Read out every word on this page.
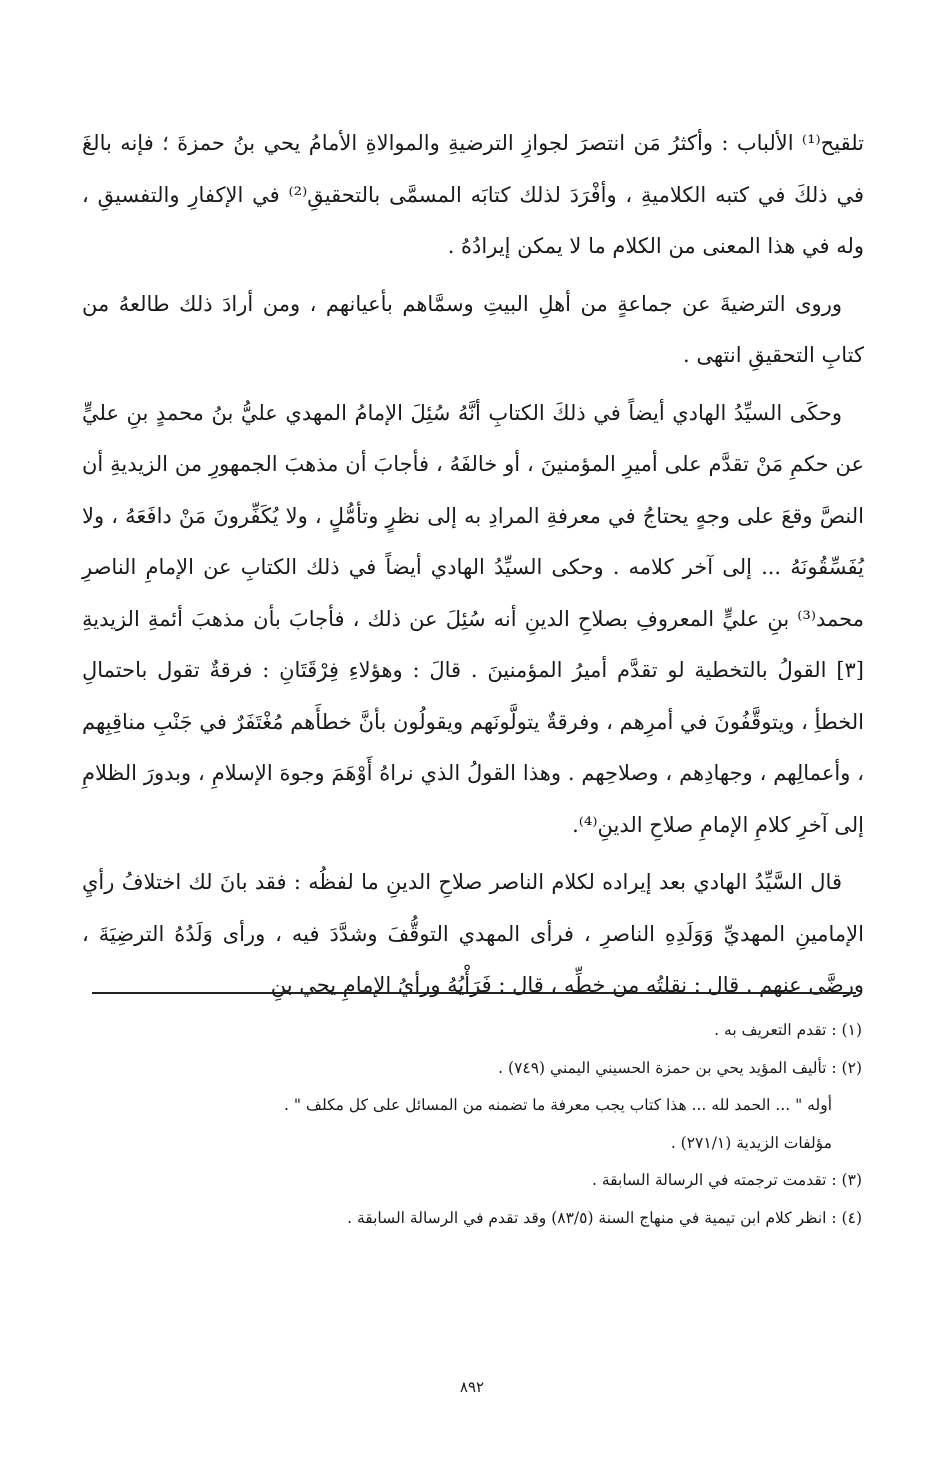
تلقيح⁽¹⁾ الألباب : وأكثرُ مَن انتصرَ لجوازِ الترضيةِ والموالاةِ الأمامُ يحي بنُ حمزةَ ؛ فإنه بالغَ في ذلكَ في كتبه الكلاميةِ ، وأفْرَدَ لذلك كتابَه المسمَّى بالتحقيقِ⁽²⁾ في الإكفارِ والتفسيقِ ، وله في هذا المعنى من الكلام ما لا يمكن إيرادُهُ .

وروى الترضيةَ عن جماعةٍ من أهلِ البيتِ وسمَّاهم بأعيانهم ، ومن أرادَ ذلك طالعهُ من كتابِ التحقيقِ انتهى .

وحكَى السيِّدُ الهادي أيضاً في ذلكَ الكتابِ أنَّهُ سُئِلَ الإمامُ المهدي عليُّ بنُ محمدٍ بنِ عليٍّ عن حكمِ مَنْ تقدَّم على أميرِ المؤمنينَ ، أو خالفَهُ ، فأجابَ أن مذهبَ الجمهورِ من الزيديةِ أن النصَّ وقعَ على وجهٍ يحتاجُ في معرفةِ المرادِ به إلى نظرٍ وتأمُّلٍ ، ولا يُكَفِّرونَ مَنْ دافَعَهُ ، ولا يُفَسِّقُونَهُ ... إلى آخر كلامه . وحكى السيِّدُ الهادي أيضاً في ذلك الكتابِ عن الإمامِ الناصرِ محمد⁽³⁾ بنِ عليٍّ المعروفِ بصلاحِ الدينِ أنه سُئِلَ عن ذلك ، فأجابَ بأن مذهبَ أئمةِ الزيديةِ [٣] القولُ بالتخطية لو تقدَّم أميرُ المؤمنينَ . قالَ : وهؤلاءِ فِرْقَتَانِ : فرقةٌ تقول باحتمالِ الخطأِ ، ويتوقَّفُونَ في أمرِهم ، وفرقةٌ يتولَّونَهم ويقولُون بأنَّ خطأَهم مُغْتَفَرٌ في جَنْبِ مناقِبِهم ، وأعمالِهم ، وجهادِهم ، وصلاحِهم . وهذا القولُ الذي نراهُ أَوْهَمَ وجوهَ الإسلامِ ، وبدورَ الظلامِ إلى آخرِ كلامِ الإمامِ صلاحِ الدينِ⁽⁴⁾.

قال السَّيِّدُ الهادي بعد إيراده لكلام الناصر صلاحِ الدينِ ما لفظُه : فقد بانَ لك اختلافُ رأيِ الإمامينِ المهديِّ وَوَلَدِهِ الناصرِ ، فرأى المهدي التوقُّفَ وشدَّدَ فيه ، ورأى وَلَدُهُ الترضِيَةَ ، ورضَّى عنهم . قال : نقلتُه من خطِّه ، قال : فَرَأْيُهُ ورأيُ الإمامِ يحي بنِ

(١) : تقدم التعريف به .

(٢) : تأليف المؤيد يحي بن حمزة الحسيني اليمني (٧٤٩) .

أوله " ... الحمد لله ... هذا كتاب يجب معرفة ما تضمنه من المسائل على كل مكلف " .

مؤلفات الزيدية (٢٧١/١) .

(٣) : تقدمت ترجمته في الرسالة السابقة .

(٤) : انظر كلام ابن تيمية في منهاج السنة (٨٣/٥) وقد تقدم في الرسالة السابقة .

٨٩٢
